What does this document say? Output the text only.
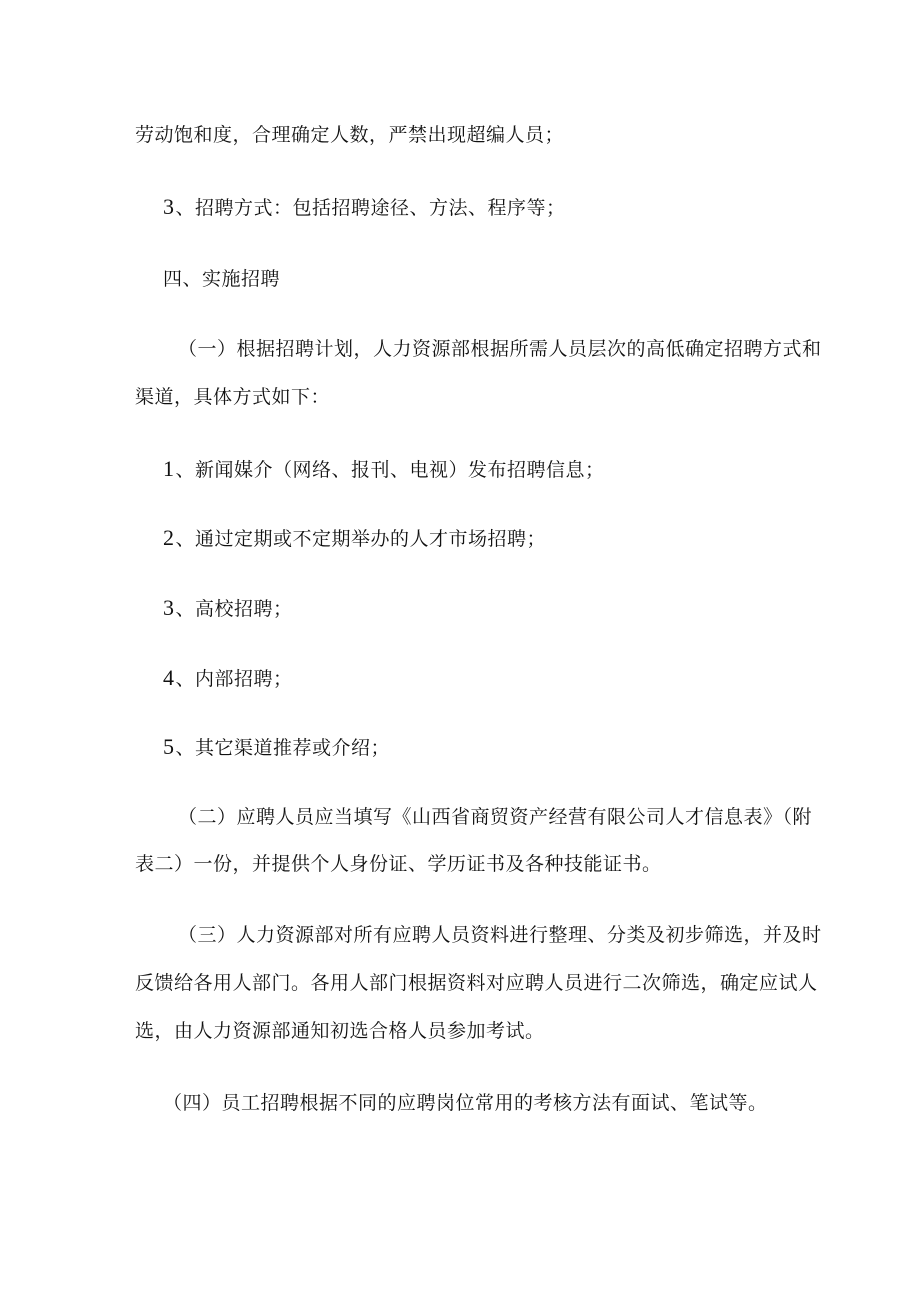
劳动饱和度，合理确定人数，严禁出现超编人员；
3、招聘方式：包括招聘途径、方法、程序等；
四、实施招聘
（一）根据招聘计划，人力资源部根据所需人员层次的高低确定招聘方式和
渠道，具体方式如下：
1、新闻媒介（网络、报刊、电视）发布招聘信息；
2、通过定期或不定期举办的人才市场招聘；
3、高校招聘；
4、内部招聘；
5、其它渠道推荐或介绍；
（二）应聘人员应当填写《山西省商贸资产经营有限公司人才信息表》（附
表二）一份，并提供个人身份证、学历证书及各种技能证书。
（三）人力资源部对所有应聘人员资料进行整理、分类及初步筛选，并及时
反馈给各用人部门。各用人部门根据资料对应聘人员进行二次筛选，确定应试人
选，由人力资源部通知初选合格人员参加考试。
（四）员工招聘根据不同的应聘岗位常用的考核方法有面试、笔试等。
